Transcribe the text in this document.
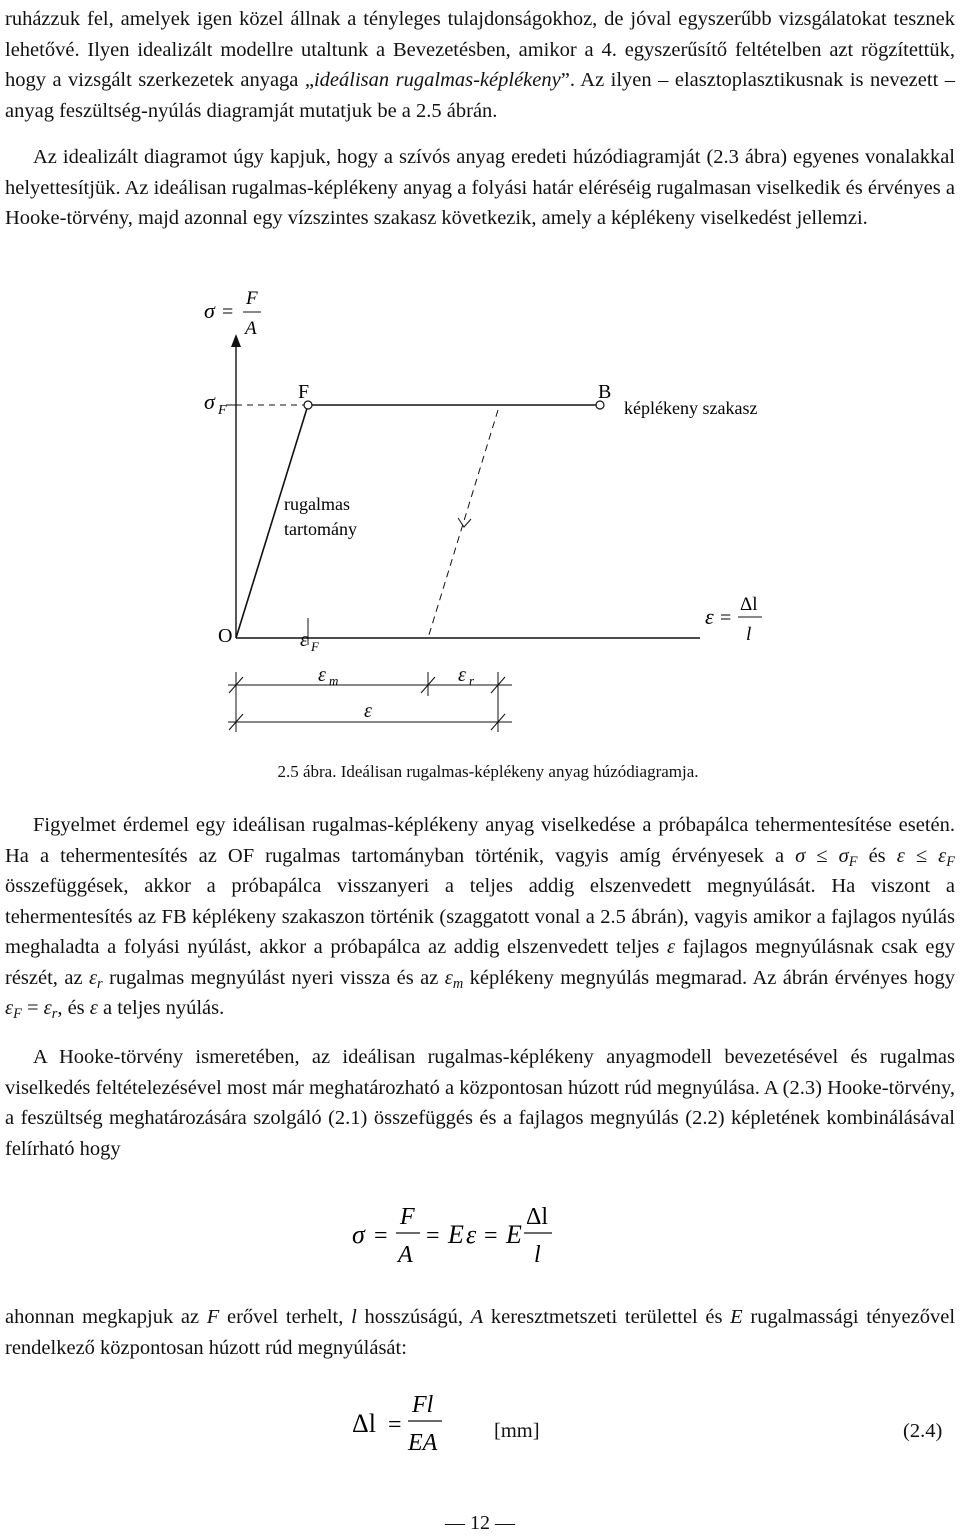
ruházzuk fel, amelyek igen közel állnak a tényleges tulajdonságokhoz, de jóval egyszerűbb vizsgálatokat tesznek lehetővé. Ilyen idealizált modellre utaltunk a Bevezetésben, amikor a 4. egyszerűsítő feltételben azt rögzítettük, hogy a vizsgált szerkezetek anyaga „ideálisan rugalmas-képlékeny”. Az ilyen – elasztoplasztikusnak is nevezett – anyag feszültség-nyúlás diagramját mutatjuk be a 2.5 ábrán.
Az idealizált diagramot úgy kapjuk, hogy a szívós anyag eredeti húzódiagramját (2.3 ábra) egyenes vonalakkal helyettesítjük. Az ideálisan rugalmas-képlékeny anyag a folyási határ eléréséig rugalmasan viselkedik és érvényes a Hooke-törvény, majd azonnal egy vízszintes szakasz következik, amely a képlékeny viselkedést jellemzi.
σ =
F
A
σ F
F	B
képlékeny szakasz
rugalmas
tartomány
O	ε F
ε =
Δl
l
ε m	ε r
ε
2.5 ábra. Ideálisan rugalmas-képlékeny anyag húzódiagramja.
Figyelmet érdemel egy ideálisan rugalmas-képlékeny anyag viselkedése a próbapálca tehermentesítése esetén. Ha a tehermentesítés az OF rugalmas tartományban történik, vagyis amíg érvényesek a $\sigma \le \sigma_F$ és $\varepsilon \le \varepsilon_F$ összefüggések, akkor a próbapálca visszanyeri a teljes addig elszenvedett megnyúlását. Ha viszont a tehermentesítés az FB képlékeny szakaszon történik (szaggatott vonal a 2.5 ábrán), vagyis amikor a fajlagos nyúlás meghaladta a folyási nyúlást, akkor a próbapálca az addig elszenvedett teljes ε fajlagos megnyúlásnak csak egy részét, az $\varepsilon_r$ rugalmas megnyúlást nyeri vissza és az $\varepsilon_m$ képlékeny megnyúlás megmarad. Az ábrán érvényes hogy $\varepsilon_F = \varepsilon_r$, és ε a teljes nyúlás.
A Hooke-törvény ismeretében, az ideálisan rugalmas-képlékeny anyagmodell bevezetésével és rugalmas viselkedés feltételezésével most már meghatározható a központosan húzott rúd megnyúlása. A (2.3) Hooke-törvény, a feszültség meghatározására szolgáló (2.1) összefüggés és a fajlagos megnyúlás (2.2) képletének kombinálásával felírható hogy
σ =
F
A
= E ε = E
Δl
l
ahonnan megkapjuk az F erővel terhelt, l hosszúságú, A keresztmetszeti területtel és E rugalmassági tényezővel rendelkező központosan húzott rúd megnyúlását:
Δl =
Fl
EA	[mm]	(2.4)
― 12 ―
